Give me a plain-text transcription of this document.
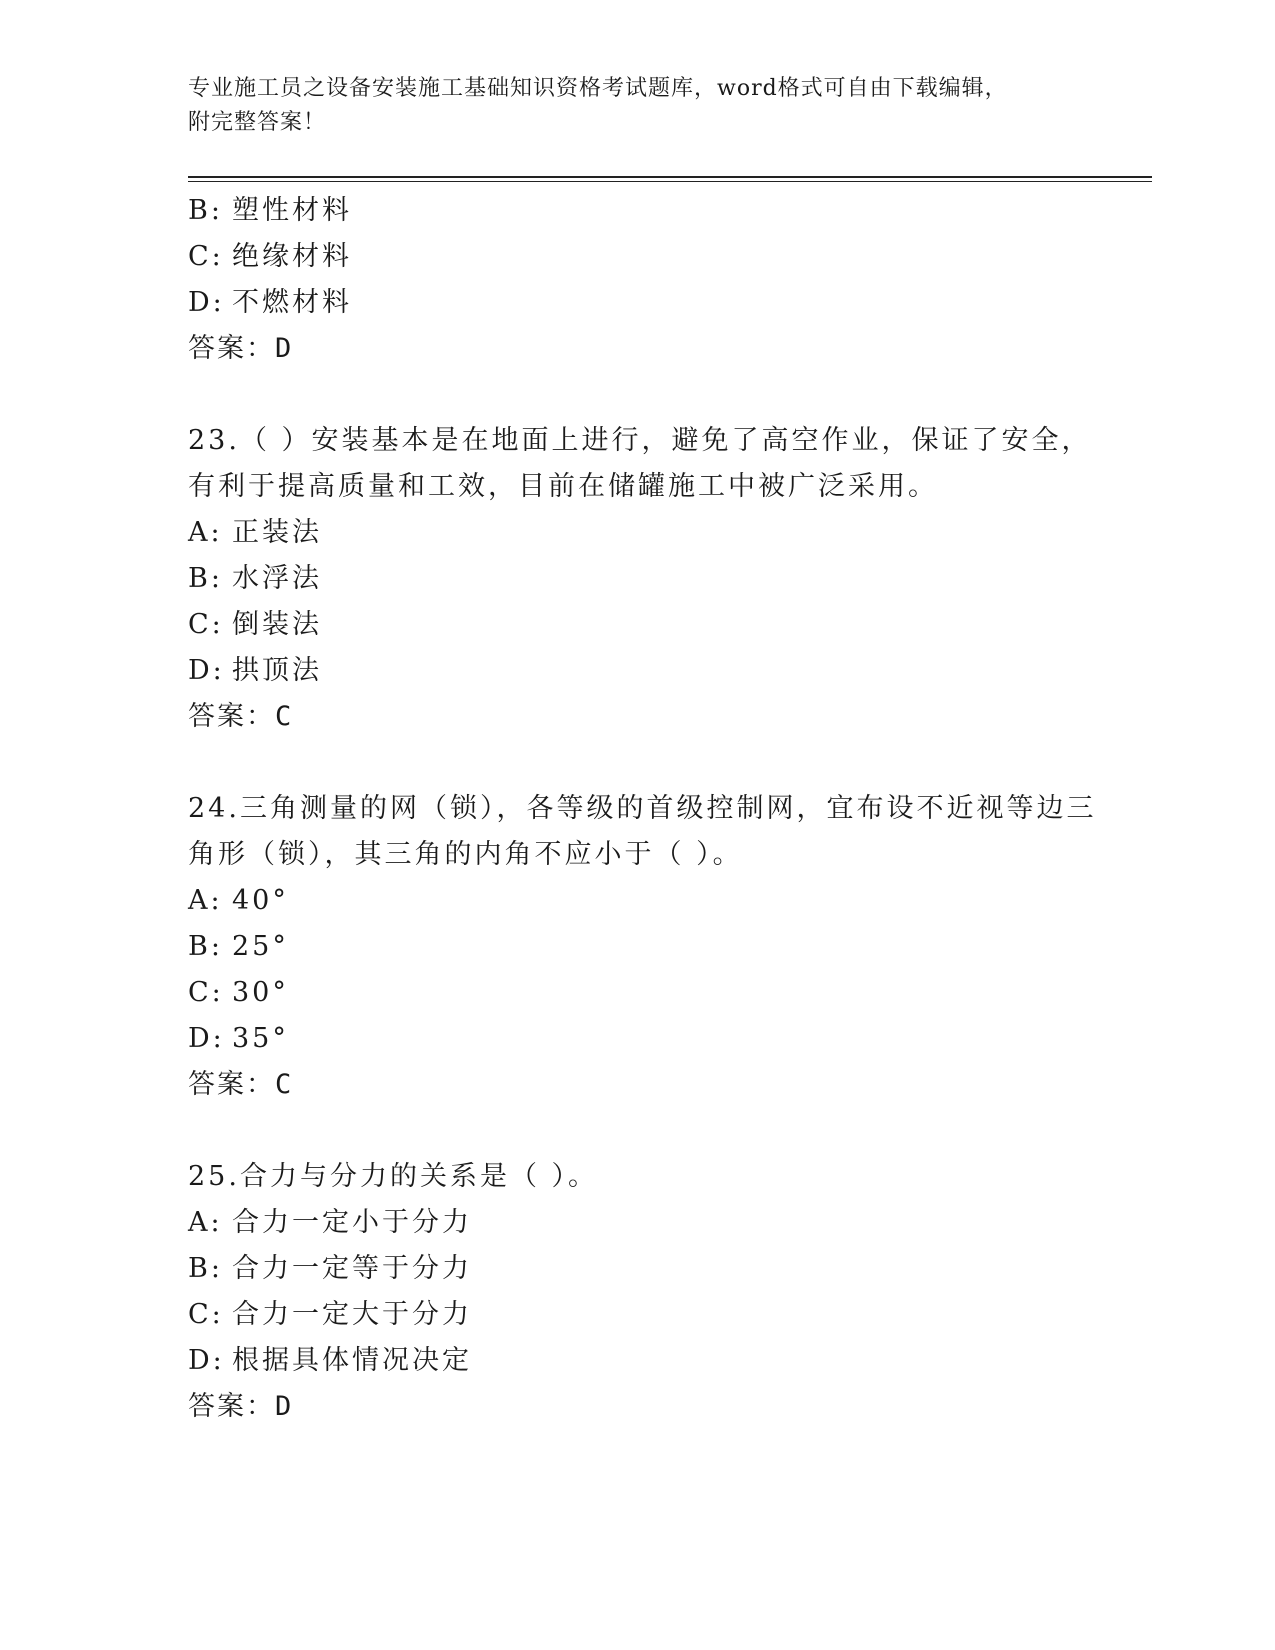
专业施工员之设备安装施工基础知识资格考试题库，word格式可自由下载编辑，
附完整答案！
B: 塑性材料
C: 绝缘材料
D: 不燃材料
答案：D
23.（ ）安装基本是在地面上进行，避免了高空作业，保证了安全，
有利于提高质量和工效，目前在储罐施工中被广泛采用。
A: 正装法
B: 水浮法
C: 倒装法
D: 拱顶法
答案：C
24.三角测量的网（锁），各等级的首级控制网，宜布设不近视等边三
角形（锁），其三角的内角不应小于（ ）。
A: 40°
B: 25°
C: 30°
D: 35°
答案：C
25.合力与分力的关系是（ ）。
A: 合力一定小于分力
B: 合力一定等于分力
C: 合力一定大于分力
D: 根据具体情况决定
答案：D
